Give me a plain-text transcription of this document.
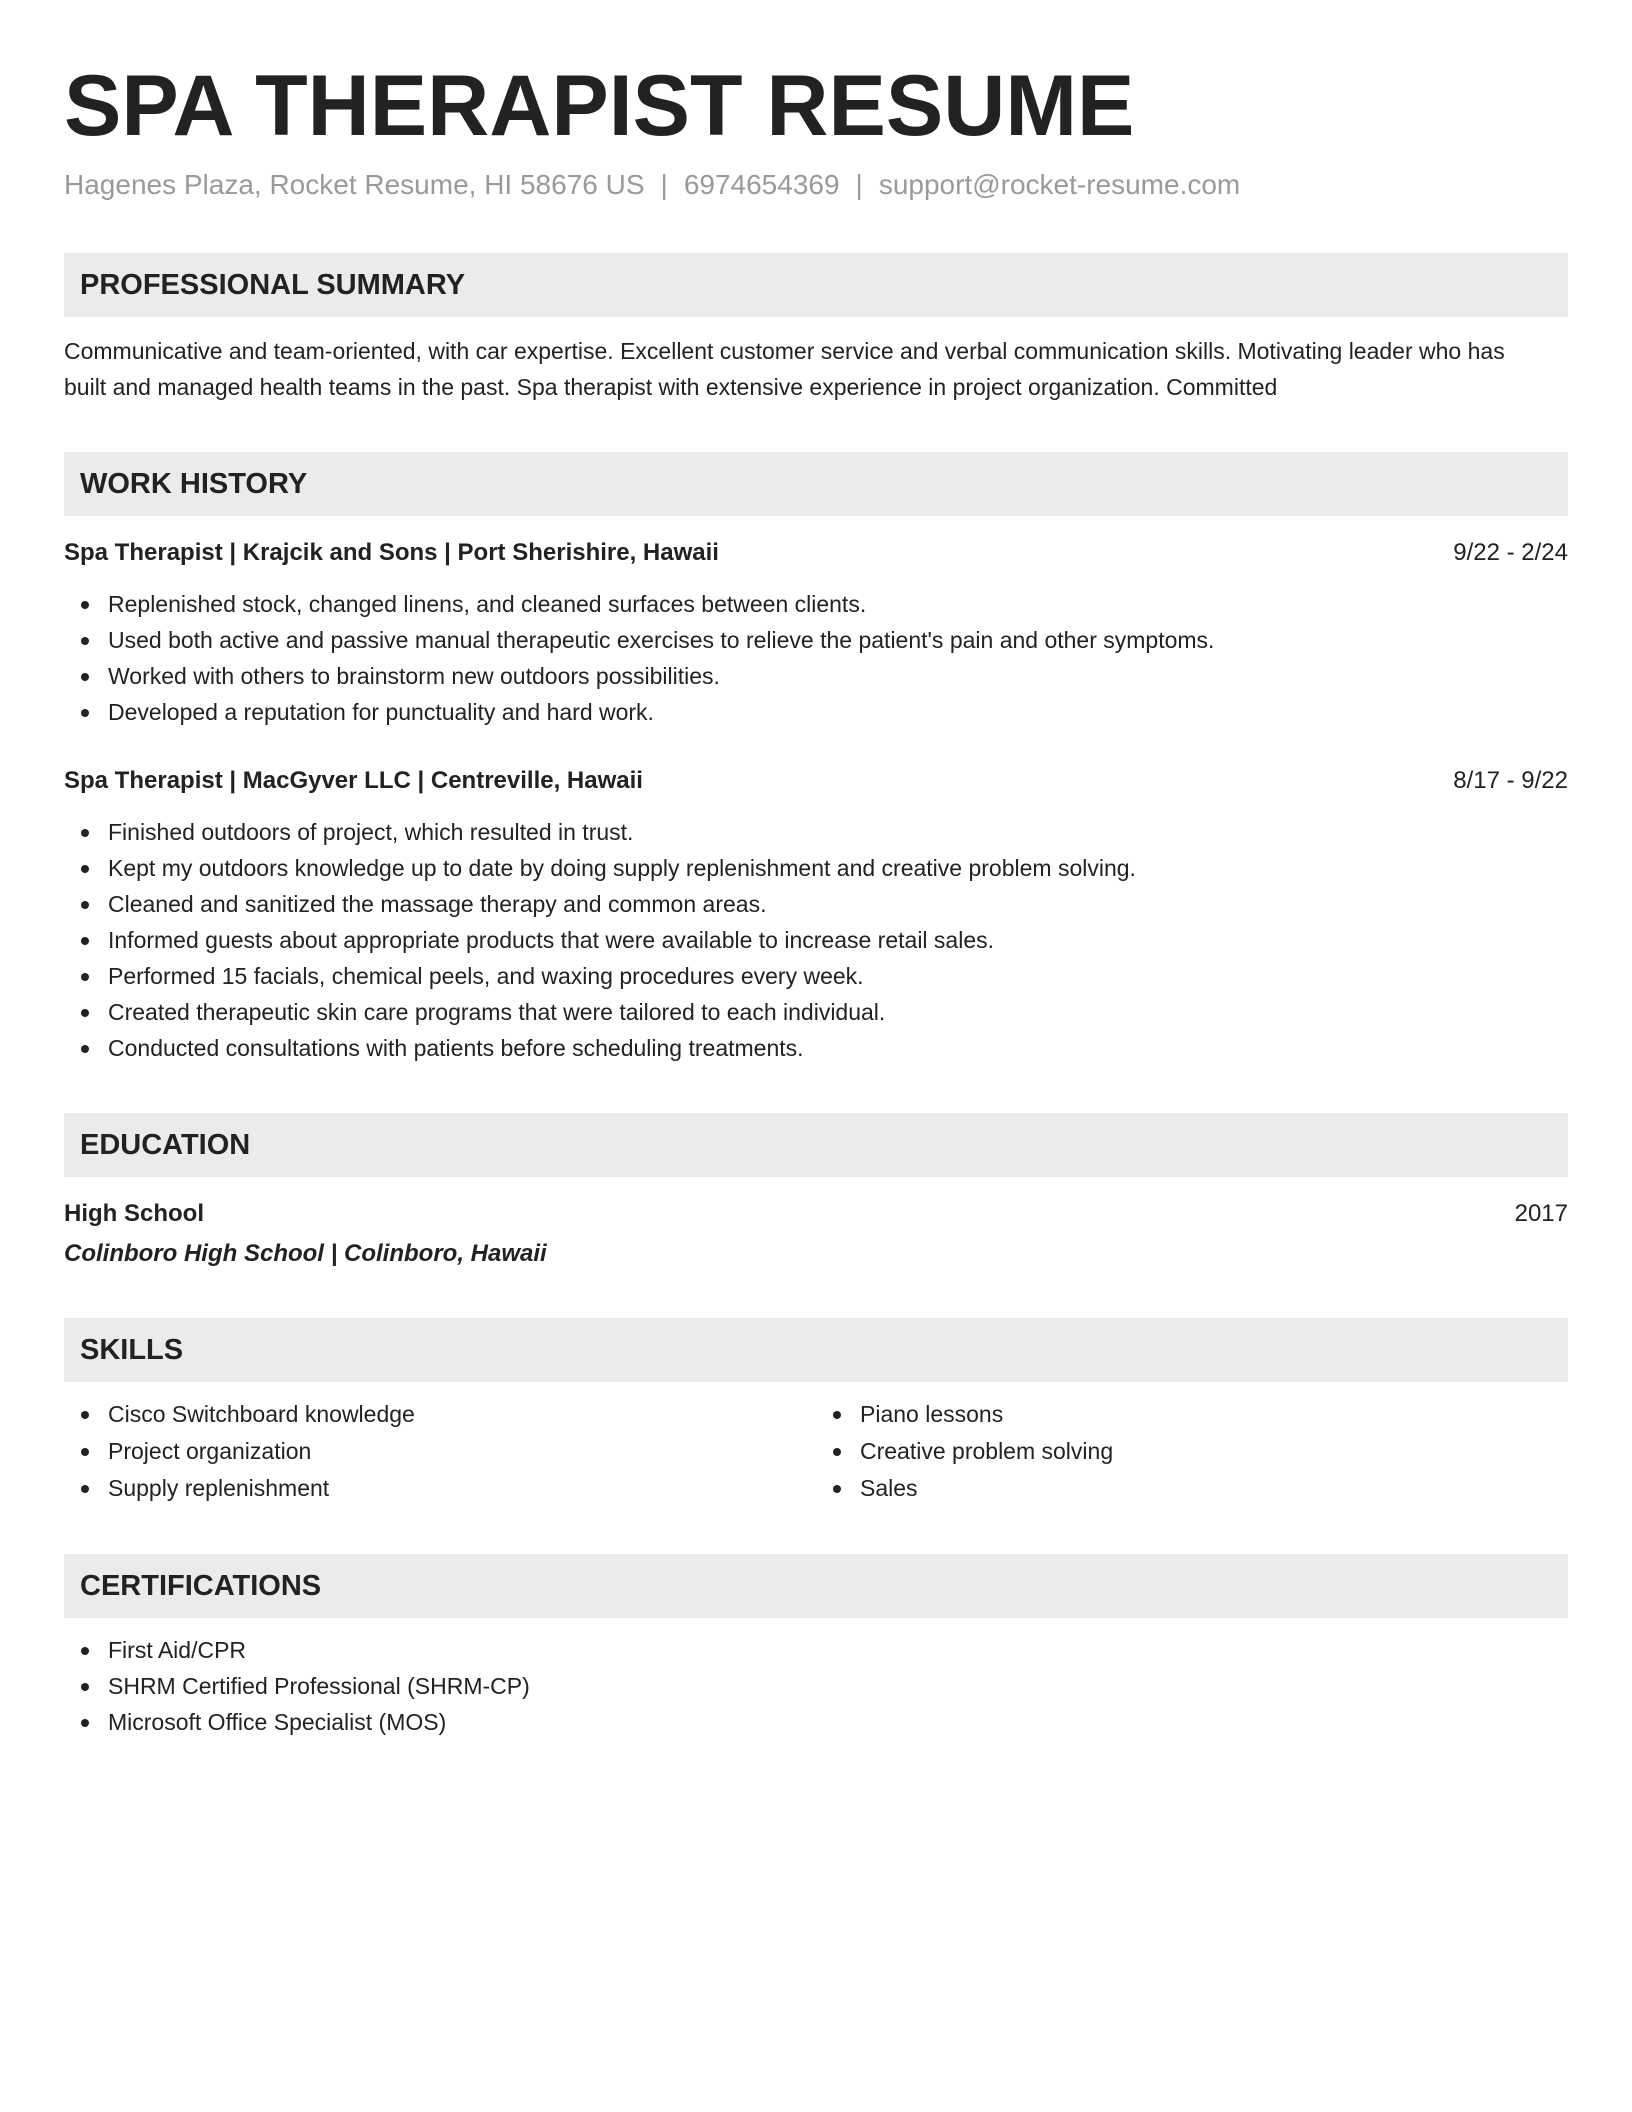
SPA THERAPIST RESUME
Hagenes Plaza, Rocket Resume, HI 58676 US | 6974654369 | support@rocket-resume.com
PROFESSIONAL SUMMARY

Communicative and team-oriented, with car expertise. Excellent customer service and verbal communication skills. Motivating leader who has built and managed health teams in the past. Spa therapist with extensive experience in project organization. Committed

WORK HISTORY
Spa Therapist | Krajcik and Sons | Port Sherishire, Hawaii	9/22 - 2/24
Replenished stock, changed linens, and cleaned surfaces between clients.
Used both active and passive manual therapeutic exercises to relieve the patient's pain and other symptoms.
Worked with others to brainstorm new outdoors possibilities.
Developed a reputation for punctuality and hard work.
Spa Therapist | MacGyver LLC | Centreville, Hawaii	8/17 - 9/22
Finished outdoors of project, which resulted in trust.
Kept my outdoors knowledge up to date by doing supply replenishment and creative problem solving.
Cleaned and sanitized the massage therapy and common areas.
Informed guests about appropriate products that were available to increase retail sales.
Performed 15 facials, chemical peels, and waxing procedures every week.
Created therapeutic skin care programs that were tailored to each individual.
Conducted consultations with patients before scheduling treatments.
EDUCATION
High School	2017
Colinboro High School | Colinboro, Hawaii
SKILLS
Cisco Switchboard knowledge
Project organization
Supply replenishment
Piano lessons
Creative problem solving
Sales
CERTIFICATIONS
First Aid/CPR
SHRM Certified Professional (SHRM-CP)
Microsoft Office Specialist (MOS)
